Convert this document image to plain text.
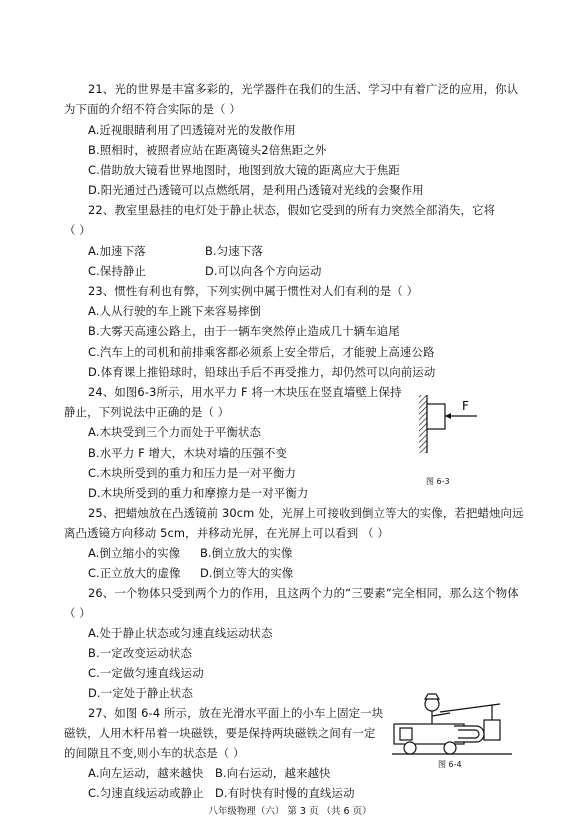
21、光的世界是丰富多彩的，光学器件在我们的生活、学习中有着广泛的应用，你认
为下面的介绍不符合实际的是（ ）
A.近视眼睛利用了凹透镜对光的发散作用
B.照相时，被照者应站在距离镜头2倍焦距之外
C.借助放大镜看世界地图时，地图到放大镜的距离应大于焦距
D.阳光通过凸透镜可以点燃纸屑，是利用凸透镜对光线的会聚作用
22、教室里悬挂的电灯处于静止状态，假如它受到的所有力突然全部消失，它将
（ ）
A.加速下落	B.匀速下落
C.保持静止	D.可以向各个方向运动
23、惯性有利也有弊，下列实例中属于惯性对人们有利的是（ ）
A.人从行驶的车上跳下来容易摔倒
B.大雾天高速公路上，由于一辆车突然停止造成几十辆车追尾
C.汽车上的司机和前排乘客都必须系上安全带后，才能驶上高速公路
D.体育课上推铅球时，铅球出手后不再受推力，却仍然可以向前运动
24、如图6-3所示，用水平力 F 将一木块压在竖直墙壁上保持
静止，下列说法中正确的是（ ）
A.木块受到三个力而处于平衡状态
B.水平力 F 增大，木块对墙的压强不变
C.木块所受到的重力和压力是一对平衡力
D.木块所受到的重力和摩擦力是一对平衡力
F
图 6-3
25、把蜡烛放在凸透镜前 30cm 处，光屏上可接收到倒立等大的实像，若把蜡烛向远
离凸透镜方向移动 5cm，并移动光屏，在光屏上可以看到 （ ）
A.倒立缩小的实像 B.倒立放大的实像
C.正立放大的虚像 D.倒立等大的实像
26、一个物体只受到两个力的作用，且这两个力的“三要素”完全相同，那么这个物体
（ ）
A.处于静止状态或匀速直线运动状态
B.一定改变运动状态
C.一定做匀速直线运动
D.一定处于静止状态
27、如图 6-4 所示，放在光滑水平面上的小车上固定一块
磁铁，人用木杆吊着一块磁铁，要是保持两块磁铁之间有一定
的间隙且不变,则小车的状态是（ ）
A.向左运动，越来越快 B.向右运动，越来越快
C.匀速直线运动或静止 D.有时快有时慢的直线运动
图 6-4
八年级物理（六） 第 3 页 （共 6 页）
